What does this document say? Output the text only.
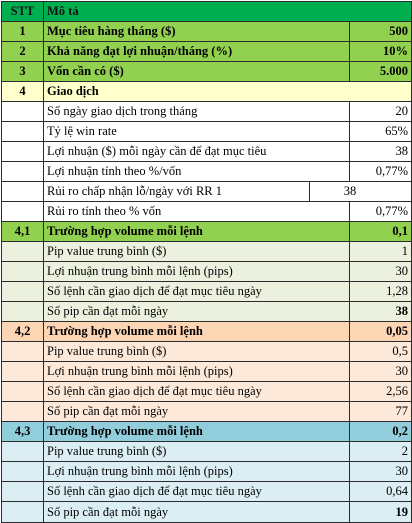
STT	Mô tả		
1	Mục tiêu hàng tháng ($)		500
2	Khả năng đạt lợi nhuận/tháng (%)		10%
3	Vốn cần có ($)		5.000
4	Giao dịch		
	Số ngày giao dịch trong tháng		20
	Tỷ lệ win rate		65%
	Lợi nhuận ($) mỗi ngày cần để đạt mục tiêu		38
	Lợi nhuận tính theo %/vốn		0,77%
	Rủi ro chấp nhận lỗ/ngày với RR 1	38	
	Rủi ro tính theo % vốn		0,77%
4,1	Trường hợp volume mỗi lệnh		0,1
	Pip value trung bình ($)		1
	Lợi nhuận trung bình mỗi lệnh (pips)		30
	Số lệnh cần giao dịch để đạt mục tiêu ngày		1,28
	Số pip cần đạt mỗi ngày		38
4,2	Trường hợp volume mỗi lệnh		0,05
	Pip value trung bình ($)		0,5
	Lợi nhuận trung bình mỗi lệnh (pips)		30
	Số lệnh cần giao dịch để đạt mục tiêu ngày		2,56
	Số pip cần đạt mỗi ngày		77
4,3	Trường hợp volume mỗi lệnh		0,2
	Pip value trung bình ($)		2
	Lợi nhuận trung bình mỗi lệnh (pips)		30
	Số lệnh cần giao dịch để đạt mục tiêu ngày		0,64
	Số pip cần đạt mỗi ngày		19
